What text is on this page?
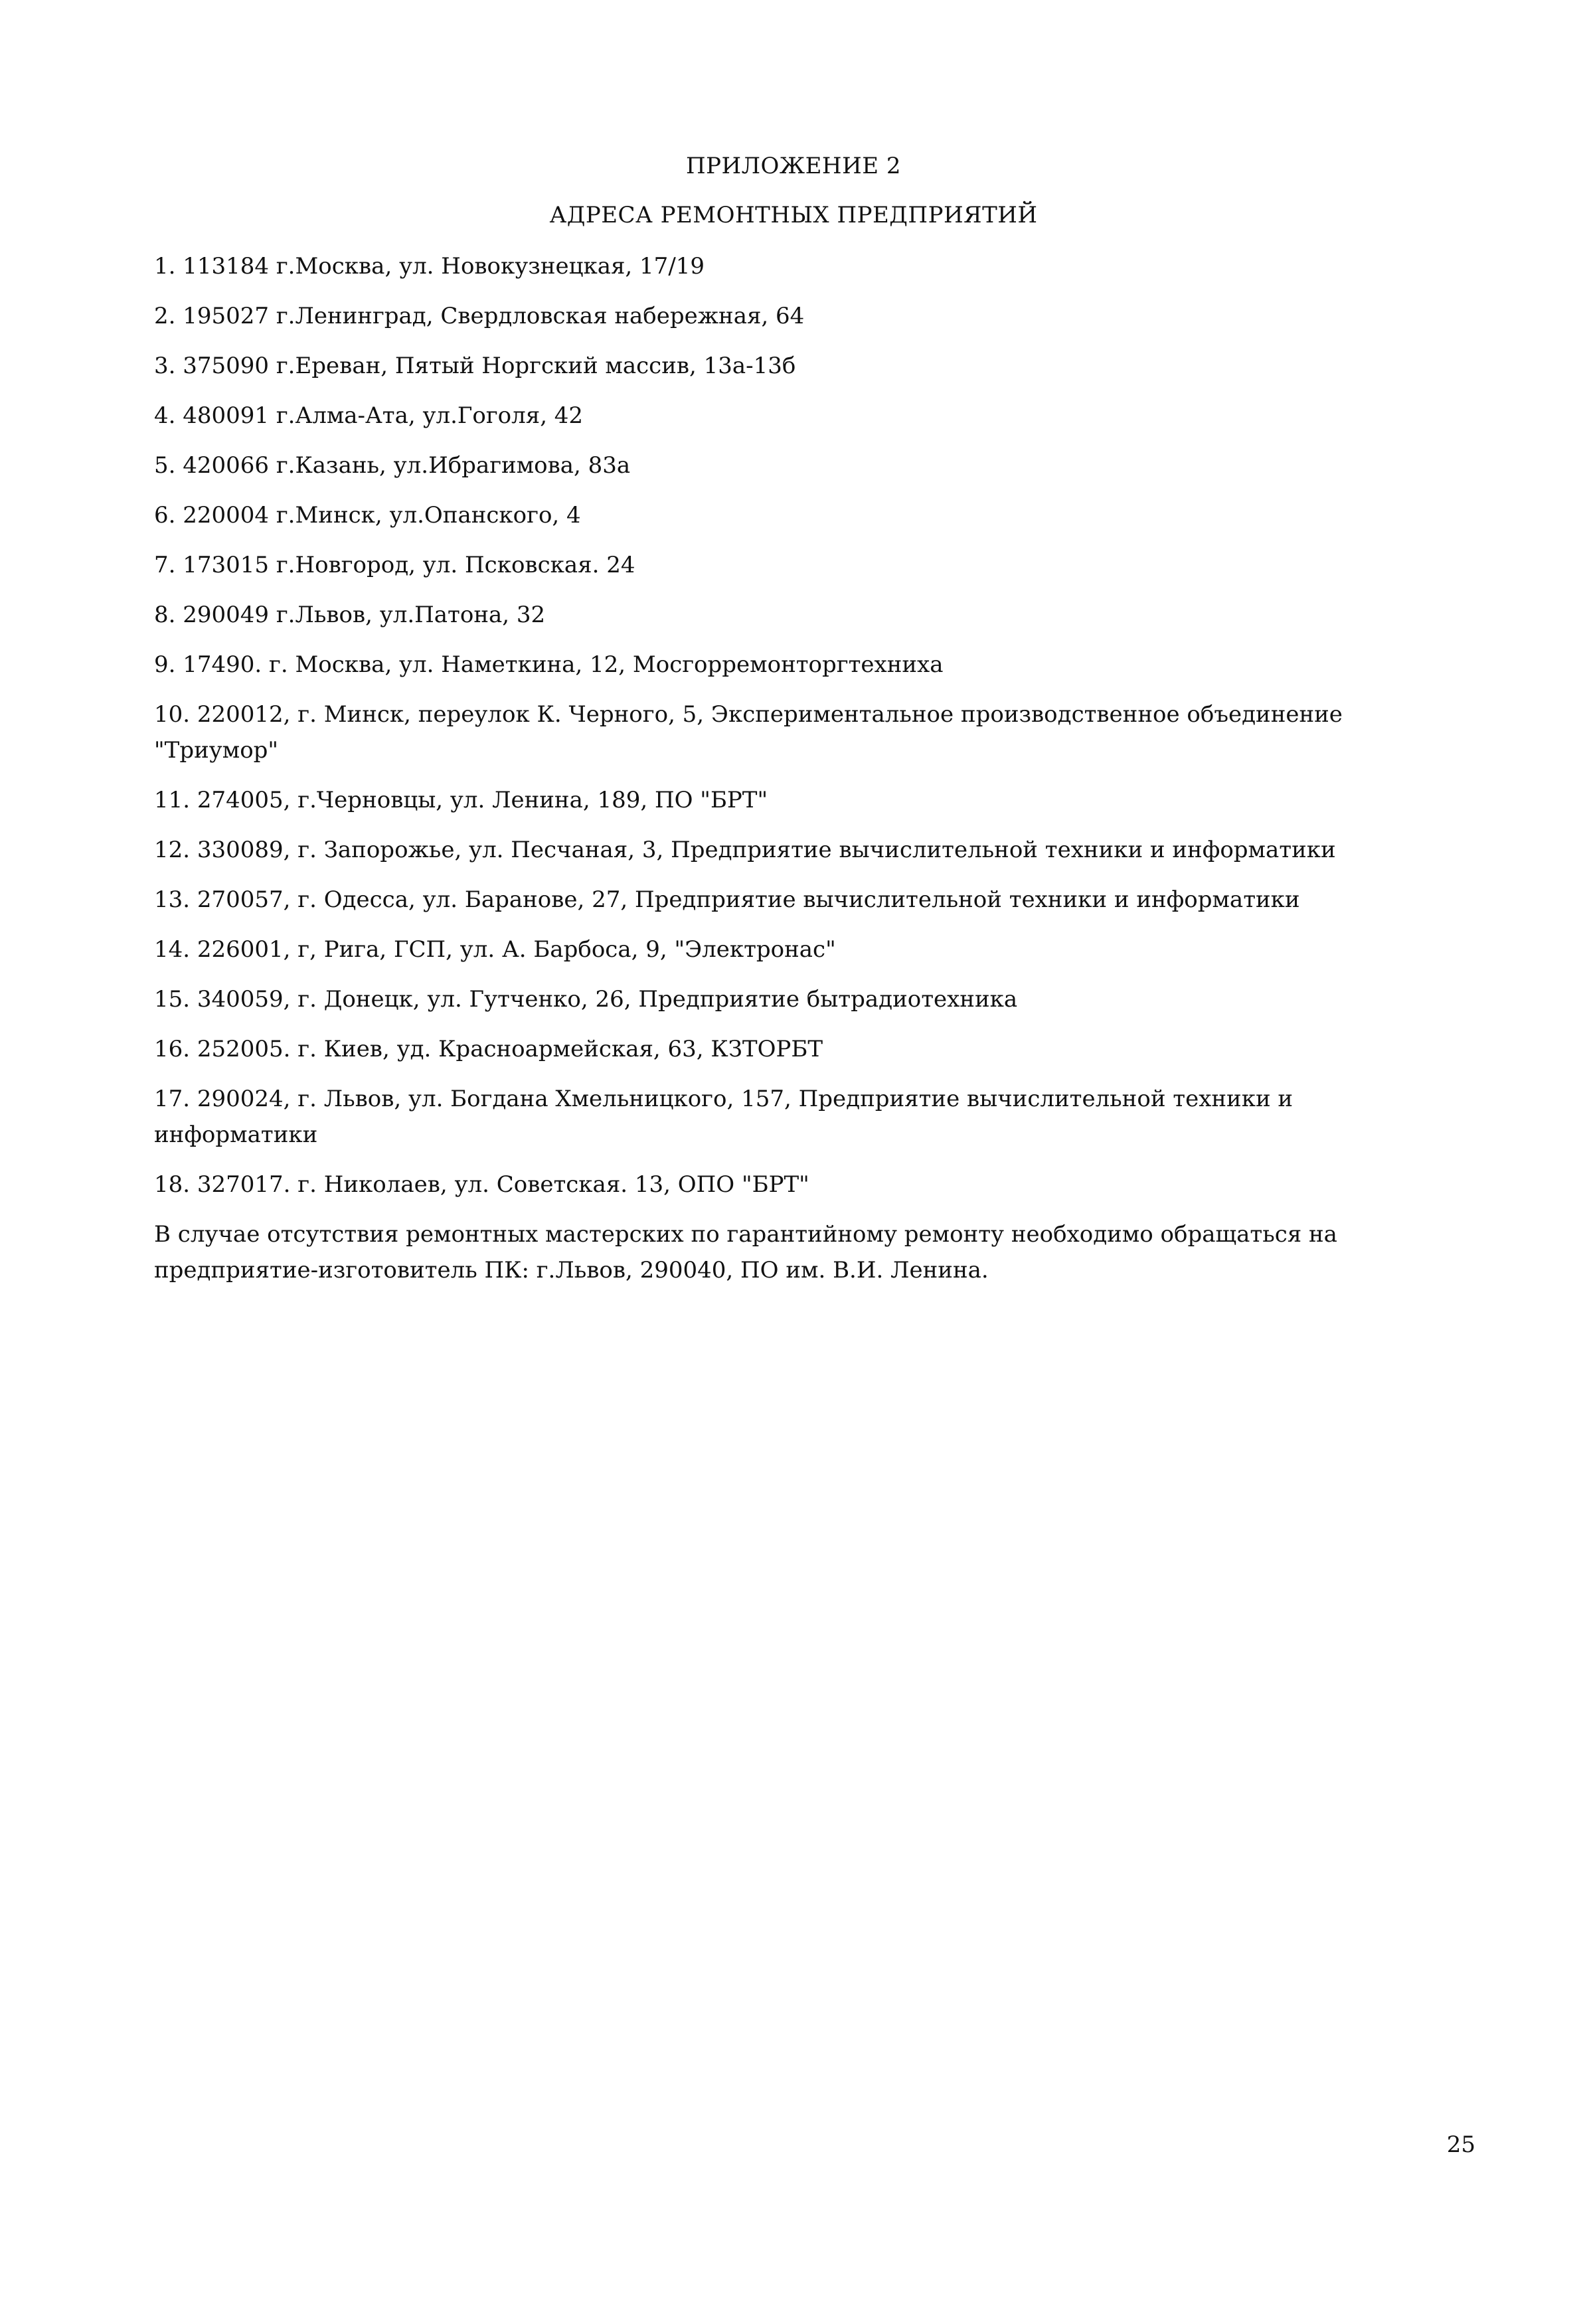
ПРИЛОЖЕНИЕ 2
АДРЕСА РЕМОНТНЫХ ПРЕДПРИЯТИЙ
1. 113184 г.Москва, ул. Новокузнецкая, 17/19
2. 195027 г.Ленинград, Свердловская набережная, 64
3. 375090 г.Ереван, Пятый Норгский массив, 13а-13б
4. 480091 г.Алма-Ата, ул.Гоголя, 42
5. 420066 г.Казань, ул.Ибрагимова, 83а
6. 220004 г.Минск, ул.Опанского, 4
7. 173015 г.Новгород, ул. Псковская. 24
8. 290049 г.Львов, ул.Патона, 32
9. 17490. г. Москва, ул. Наметкина, 12, Мосгорремонторгтехниха
10. 220012, г. Минск, переулок К. Черного, 5, Экспериментальное производственное объединение "Триумор"
11. 274005, г.Черновцы, ул. Ленина, 189, ПО "БРТ"
12. 330089, г. Запорожье, ул. Песчаная, 3, Предприятие вычислительной техники и информатики
13. 270057, г. Одесса, ул. Баранове, 27, Предприятие вычислительной техники и информатики
14. 226001, г, Рига, ГСП, ул. А. Барбоса, 9, "Электронас"
15. 340059, г. Донецк, ул. Гутченко, 26, Предприятие бытрадиотехника
16. 252005. г. Киев, уд. Красноармейская, 63, КЗТОРБТ
17. 290024, г. Львов, ул. Богдана Хмельницкого, 157, Предприятие вычислительной техники и информатики
18. 327017. г. Николаев, ул. Советская. 13, ОПО "БРТ"
В случае отсутствия ремонтных мастерских по гарантийному ремонту необходимо обращаться на предприятие-изготовитель ПК: г.Львов, 290040, ПО им. В.И. Ленина.
25
